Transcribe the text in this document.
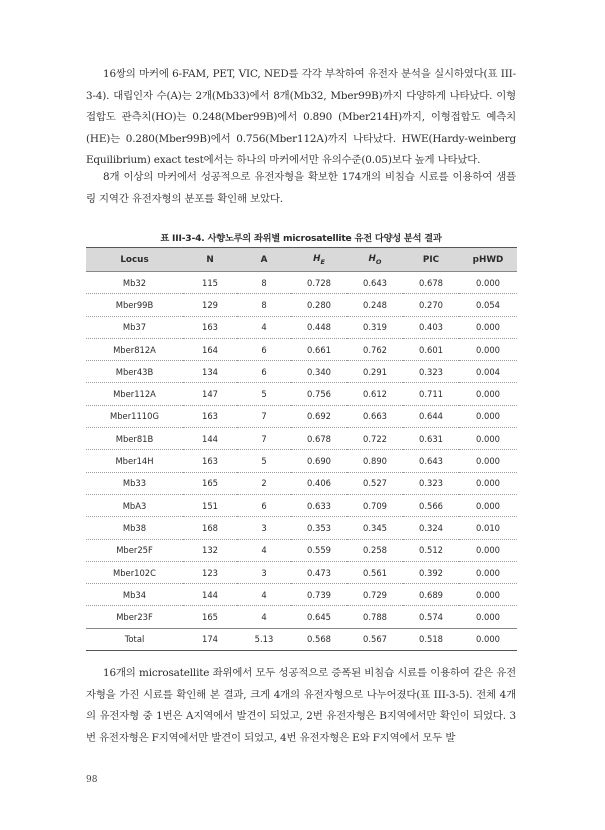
16쌍의 마커에 6-FAM, PET, VIC, NED를 각각 부착하여 유전자 분석을 실시하였다(표 III-3-4). 대립인자 수(A)는 2개(Mb33)에서 8개(Mb32, Mber99B)까지 다양하게 나타났다. 이형접합도 관측치(HO)는 0.248(Mber99B)에서 0.890 (Mber214H)까지, 이형접합도 예측치(HE)는 0.280(Mber99B)에서 0.756(Mber112A)까지 나타났다. HWE(Hardy-weinberg Equilibrium) exact test에서는 하나의 마커에서만 유의수준(0.05)보다 높게 나타났다.

8개 이상의 마커에서 성공적으로 유전자형을 확보한 174개의 비침습 시료를 이용하여 샘플링 지역간 유전자형의 분포를 확인해 보았다.

표 III-3-4. 사향노루의 좌위별 microsatellite 유전 다양성 분석 결과
Locus	N	A	$H_E$	$H_O$	PIC	pHWD
Mb32	115	8	0.728	0.643	0.678	0.000
Mber99B	129	8	0.280	0.248	0.270	0.054
Mb37	163	4	0.448	0.319	0.403	0.000
Mber812A	164	6	0.661	0.762	0.601	0.000
Mber43B	134	6	0.340	0.291	0.323	0.004
Mber112A	147	5	0.756	0.612	0.711	0.000
Mber1110G	163	7	0.692	0.663	0.644	0.000
Mber81B	144	7	0.678	0.722	0.631	0.000
Mber14H	163	5	0.690	0.890	0.643	0.000
Mb33	165	2	0.406	0.527	0.323	0.000
MbA3	151	6	0.633	0.709	0.566	0.000
Mb38	168	3	0.353	0.345	0.324	0.010
Mber25F	132	4	0.559	0.258	0.512	0.000
Mber102C	123	3	0.473	0.561	0.392	0.000
Mb34	144	4	0.739	0.729	0.689	0.000
Mber23F	165	4	0.645	0.788	0.574	0.000
Total	174	5.13	0.568	0.567	0.518	0.000

16개의 microsatellite 좌위에서 모두 성공적으로 증폭된 비침습 시료를 이용하여 같은 유전자형을 가진 시료를 확인해 본 결과, 크게 4개의 유전자형으로 나누어졌다(표 III-3-5). 전체 4개의 유전자형 중 1번은 A지역에서 발견이 되었고, 2번 유전자형은 B지역에서만 확인이 되었다. 3번 유전자형은 F지역에서만 발견이 되었고, 4번 유전자형은 E와 F지역에서 모두 발

98
